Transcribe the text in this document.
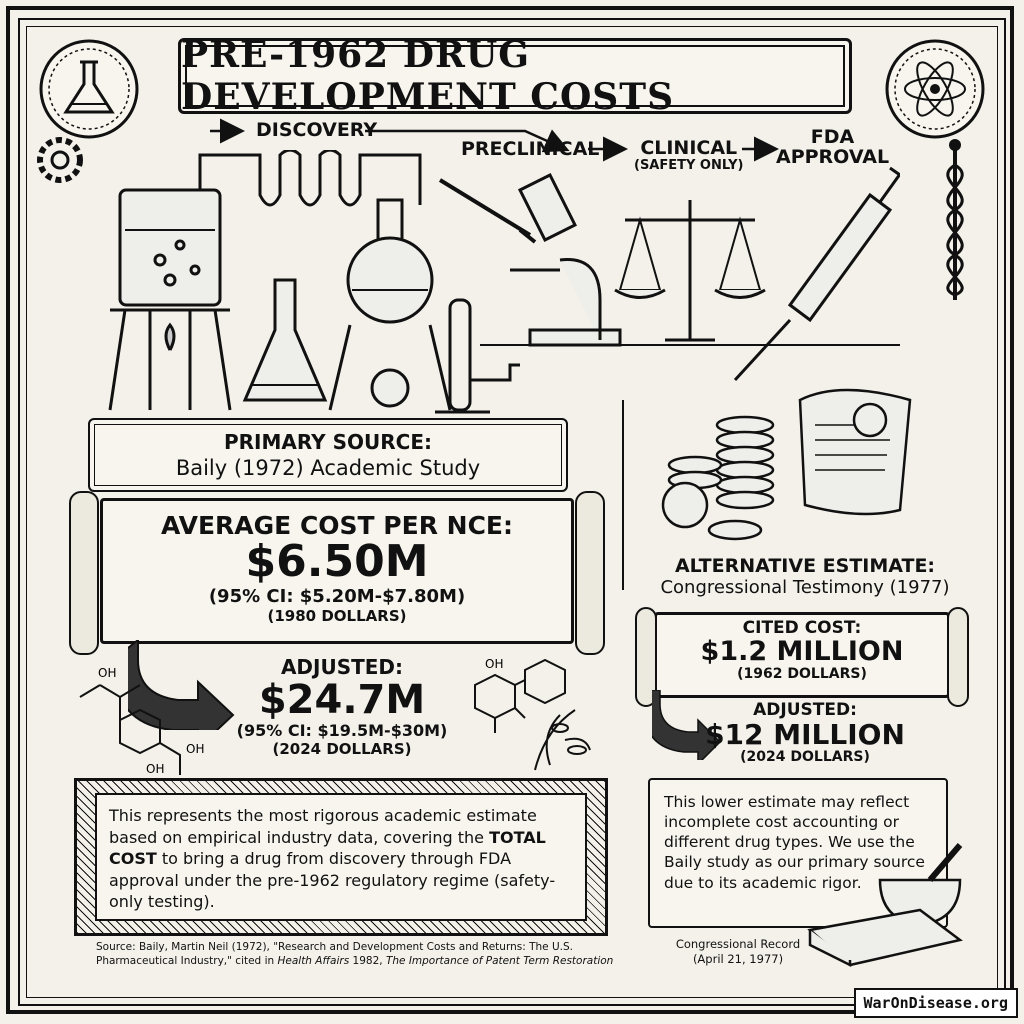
PRE-1962 DRUG DEVELOPMENT COSTS
DISCOVERY
PRECLINICAL	CLINICAL
(SAFETY ONLY)
FDA
APPROVAL
PRIMARY SOURCE:
Baily (1972) Academic Study
AVERAGE COST PER NCE:
$6.50M
(95% CI: $5.20M-$7.80M)
(1980 DOLLARS)
OH
OH
OH
OH
ADJUSTED:
$24.7M
(95% CI: $19.5M-$30M)
(2024 DOLLARS)
This represents the most rigorous academic estimate based on empirical industry data, covering the TOTAL COST to bring a drug from discovery through FDA approval under the pre-1962 regulatory regime (safety-only testing).
Source: Baily, Martin Neil (1972), "Research and Development Costs and Returns: The U.S.
Pharmaceutical Industry," cited in Health Affairs 1982, The Importance of Patent Term Restoration
ALTERNATIVE ESTIMATE:
Congressional Testimony (1977)
CITED COST:
$1.2 MILLION
(1962 DOLLARS)
ADJUSTED:
$12 MILLION
(2024 DOLLARS)
This lower estimate may reflect incomplete cost accounting or different drug types. We use the Baily study as our primary source due to its academic rigor.
Congressional Record
(April 21, 1977)
WarOnDisease.org
